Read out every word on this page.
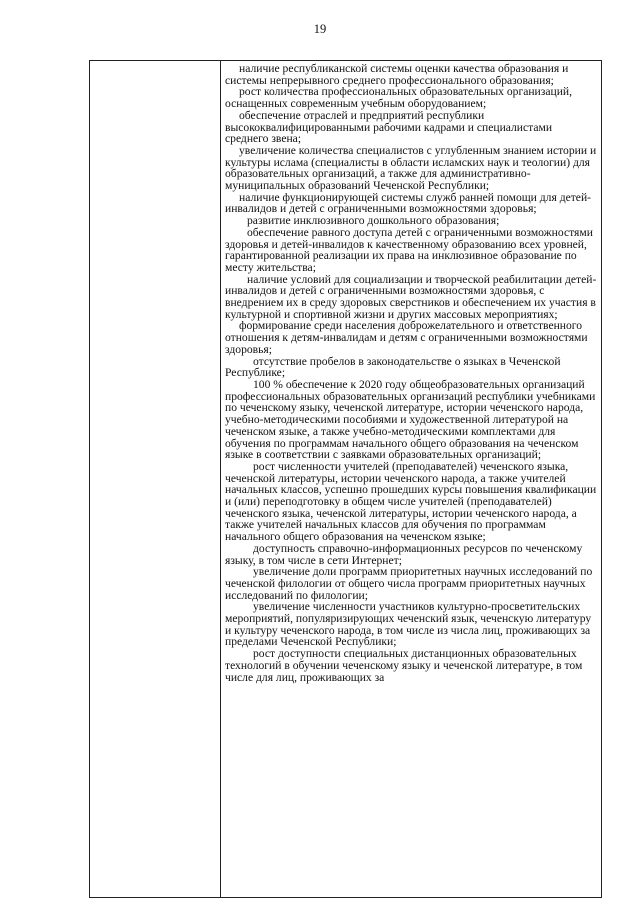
19

наличие республиканской системы оценки качества образования и системы непрерывного среднего профессионального образования;

рост количества профессиональных образовательных организаций, оснащенных современным учебным оборудованием;

обеспечение отраслей и предприятий республики высококвалифицированными рабочими кадрами и специалистами среднего звена;

увеличение количества специалистов с углубленным знанием истории и культуры ислама (специалисты в области исламских наук и теологии) для образовательных организаций, а также для административно-муниципальных образований Чеченской Республики;

наличие функционирующей системы служб ранней помощи для детей-инвалидов и детей с ограниченными возможностями здоровья;

развитие инклюзивного дошкольного образования;

обеспечение равного доступа детей с ограниченными возможностями здоровья и детей-инвалидов к качественному образованию всех уровней, гарантированной реализации их права на инклюзивное образование по месту жительства;

наличие условий для социализации и творческой реабилитации детей-инвалидов и детей с ограниченными возможностями здоровья, с внедрением их в среду здоровых сверстников и обеспечением их участия в культурной и спортивной жизни и других массовых мероприятиях;

формирование среди населения доброжелательного и ответственного отношения к детям-инвалидам и детям с ограниченными возможностями здоровья;

отсутствие пробелов в законодательстве о языках в Чеченской Республике;

100 % обеспечение к 2020 году общеобразовательных организаций профессиональных образовательных организаций республики учебниками по чеченскому языку, чеченской литературе, истории чеченского народа, учебно-методическими пособиями и художественной литературой на чеченском языке, а также учебно-методическими комплектами для обучения по программам начального общего образования на чеченском языке в соответствии с заявками образовательных организаций;

рост численности учителей (преподавателей) чеченского языка, чеченской литературы, истории чеченского народа, а также учителей начальных классов, успешно прошедших курсы повышения квалификации и (или) переподготовку в общем числе учителей (преподавателей) чеченского языка, чеченской литературы, истории чеченского народа, а также учителей начальных классов для обучения по программам начального общего образования на чеченском языке;

доступность справочно-информационных ресурсов по чеченскому языку, в том числе в сети Интернет;

увеличение доли программ приоритетных научных исследований по чеченской филологии от общего числа программ приоритетных научных исследований по филологии;

увеличение численности участников культурно-просветительских мероприятий, популяризирующих чеченский язык, чеченскую литературу и культуру чеченского народа, в том числе из числа лиц, проживающих за пределами Чеченской Республики;

рост доступности специальных дистанционных образовательных технологий в обучении чеченскому языку и чеченской литературе, в том числе для лиц, проживающих за
